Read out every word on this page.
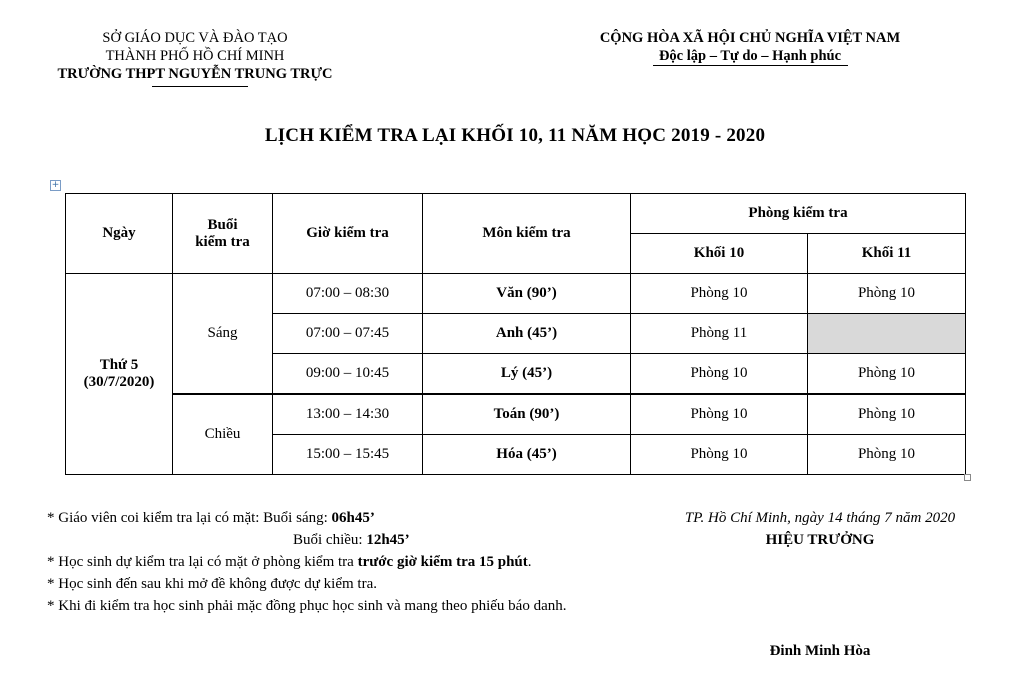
SỞ GIÁO DỤC VÀ ĐÀO TẠO
THÀNH PHỐ HỒ CHÍ MINH
TRƯỜNG THPT NGUYỄN TRUNG TRỰC
CỘNG HÒA XÃ HỘI CHỦ NGHĨA VIỆT NAM
Độc lập – Tự do – Hạnh phúc
LỊCH KIỂM TRA LẠI KHỐI 10, 11 NĂM HỌC 2019 - 2020
+
Ngày	Buổi
kiểm tra	Giờ kiểm tra	Môn kiểm tra	Phòng kiểm tra	
				Khối 10	Khối 11

Thứ 5
(30/7/2020)	Sáng	07:00 – 08:30	Văn (90’)	Phòng 10	Phòng 10
		07:00 – 07:45	Anh (45’)	Phòng 11	
		09:00 – 10:45	Lý (45’)	Phòng 10	Phòng 10
	Chiều	13:00 – 14:30	Toán (90’)	Phòng 10	Phòng 10
		15:00 – 15:45	Hóa (45’)	Phòng 10	Phòng 10
* Giáo viên coi kiểm tra lại có mặt: Buổi sáng: 06h45’
Buổi chiều: 12h45’
* Học sinh dự kiểm tra lại có mặt ở phòng kiểm tra trước giờ kiểm tra 15 phút.
* Học sinh đến sau khi mở đề không được dự kiểm tra.
* Khi đi kiểm tra học sinh phải mặc đồng phục học sinh và mang theo phiếu báo danh.
TP. Hồ Chí Minh, ngày 14 tháng 7 năm 2020
HIỆU TRƯỞNG
Đinh Minh Hòa
